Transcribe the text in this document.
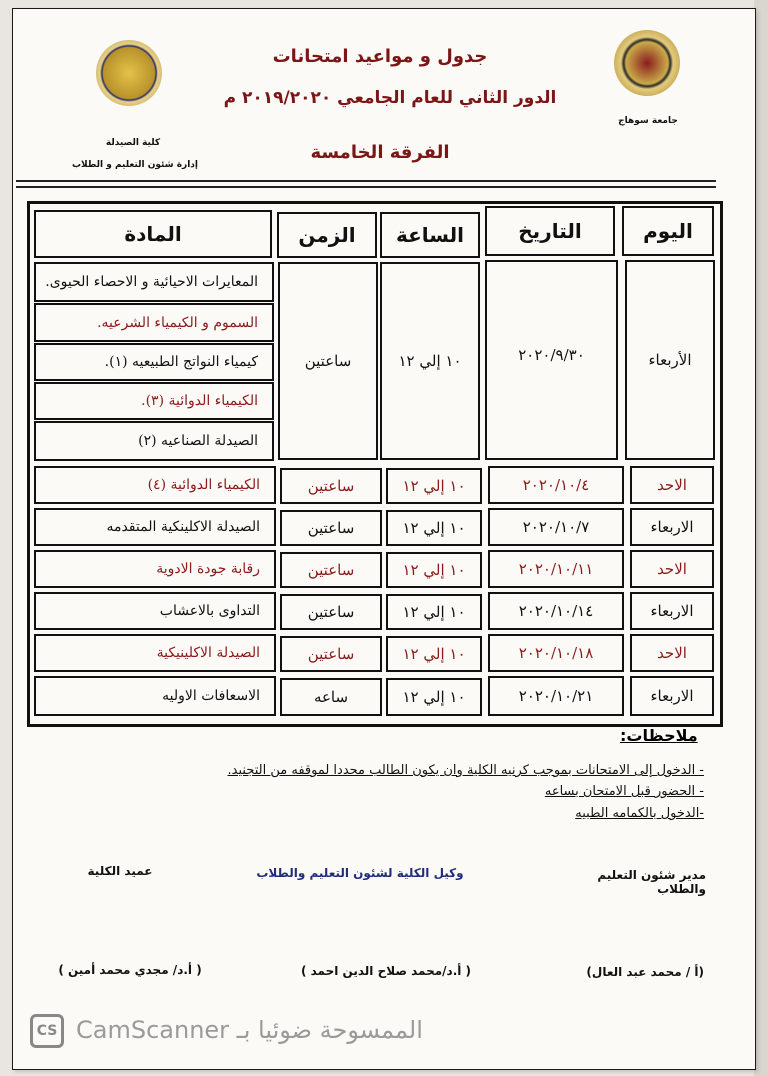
كلية الصيدلة
إدارة شئون التعليم و الطلاب
جامعة سوهاج
جدول و مواعيد امتحانات
الدور الثاني للعام الجامعي ٢٠١٩/٢٠٢٠ م
الفرقة الخامسة
اليوم
التاريخ
الساعة
الزمن
المادة
الأربعاء
٢٠٢٠/٩/٣٠
١٠ إلي ١٢
ساعتين
المعايرات الاحيائية و الاحصاء الحيوى.
السموم و الكيمياء الشرعيه.
كيمياء النواتج الطبيعيه (١).
الكيمياء الدوائية (٣).
الصيدلة الصناعيه (٢)
الاحد
٢٠٢٠/١٠/٤
١٠ إلي ١٢
ساعتين
الكيمياء الدوائية (٤)
الاربعاء
٢٠٢٠/١٠/٧
١٠ إلي ١٢
ساعتين
الصيدلة الاكلينكية المتقدمه
الاحد
٢٠٢٠/١٠/١١
١٠ إلي ١٢
ساعتين
رقابة جودة الادوية
الاربعاء
٢٠٢٠/١٠/١٤
١٠ إلي ١٢
ساعتين
التداوى بالاعشاب
الاحد
٢٠٢٠/١٠/١٨
١٠ إلي ١٢
ساعتين
الصيدلة الاكلينيكية
الاربعاء
٢٠٢٠/١٠/٢١
١٠ إلي ١٢
ساعه
الاسعافات الاوليه
ملاحظات:
- الدخول إلى الامتحانات بموجب كرنيه الكلية وان يكون الطالب محددا لموقفه من التجنيد.
- الحضور قبل الامتحان بساعه
-الدخول بالكمامه الطبيه
مدير شئون التعليم والطلاب
(أ / محمد عبد العال)
وكيل الكلية لشئون التعليم والطلاب
( أ.د/محمد صلاح الدين احمد )
عميد الكلية
( أ.د/ مجدي محمد أمين )
CS الممسوحة ضوئيا بـ CamScanner
